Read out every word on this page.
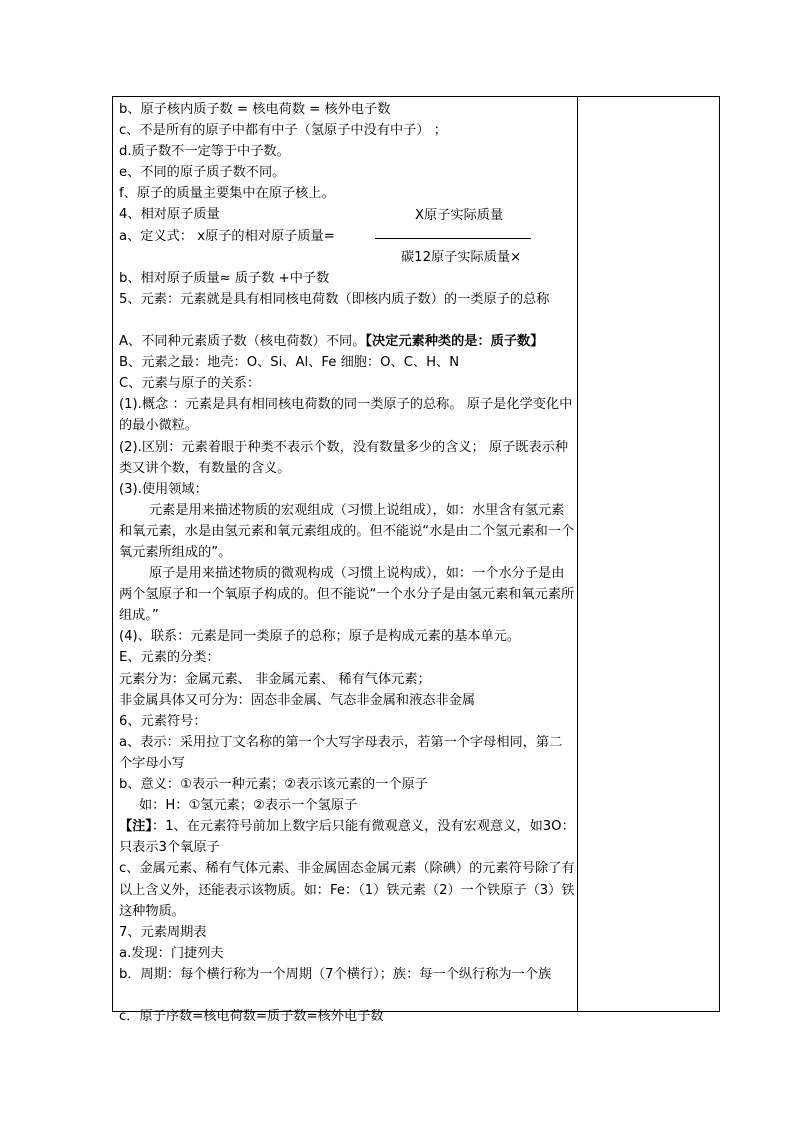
b、原子核内质子数 = 核电荷数 = 核外电子数
c、不是所有的原子中都有中子（氢原子中没有中子） ；
d.质子数不一定等于中子数。
e、不同的原子质子数不同。
f、原子的质量主要集中在原子核上。
4、相对原子质量
a、定义式： x原子的相对原子质量=
X原子实际质量
碳12原子实际质量×
b、相对原子质量≈ 质子数 +中子数
5、元素：元素就是具有相同核电荷数（即核内质子数）的一类原子的总称
A、不同种元素质子数（核电荷数）不同。【决定元素种类的是：质子数】
B、元素之最：地壳：O、Si、Al、Fe 细胞：O、C、H、N
C、元素与原子的关系：
(1).概念 ：元素是具有相同核电荷数的同一类原子的总称。 原子是化学变化中的最小微粒。
(2).区别：元素着眼于种类不表示个数，没有数量多少的含义； 原子既表示种类又讲个数，有数量的含义。
(3).使用领域：
元素是用来描述物质的宏观组成（习惯上说组成），如：水里含有氢元素和氧元素，水是由氢元素和氧元素组成的。但不能说“水是由二个氢元素和一个氧元素所组成的”。
原子是用来描述物质的微观构成（习惯上说构成），如：一个水分子是由两个氢原子和一个氧原子构成的。但不能说“一个水分子是由氢元素和氧元素所组成。”
(4)、联系：元素是同一类原子的总称；原子是构成元素的基本单元。
E、元素的分类：
元素分为：金属元素、 非金属元素、 稀有气体元素；
非金属具体又可分为：固态非金属、气态非金属和液态非金属
6、元素符号：
a、表示：采用拉丁文名称的第一个大写字母表示，若第一个字母相同，第二个字母小写
b、意义：①表示一种元素；②表示该元素的一个原子
如：H：①氢元素；②表示一个氢原子
【注】：1、在元素符号前加上数字后只能有微观意义，没有宏观意义，如3O：只表示3个氧原子
c、金属元素、稀有气体元素、非金属固态金属元素（除碘）的元素符号除了有以上含义外，还能表示该物质。如：Fe：（1）铁元素（2）一个铁原子（3）铁这种物质。
7、元素周期表
a.发现：门捷列夫
b．周期：每个横行称为一个周期（7个横行）；族：每一个纵行称为一个族
c．原子序数=核电荷数=质子数=核外电子数
